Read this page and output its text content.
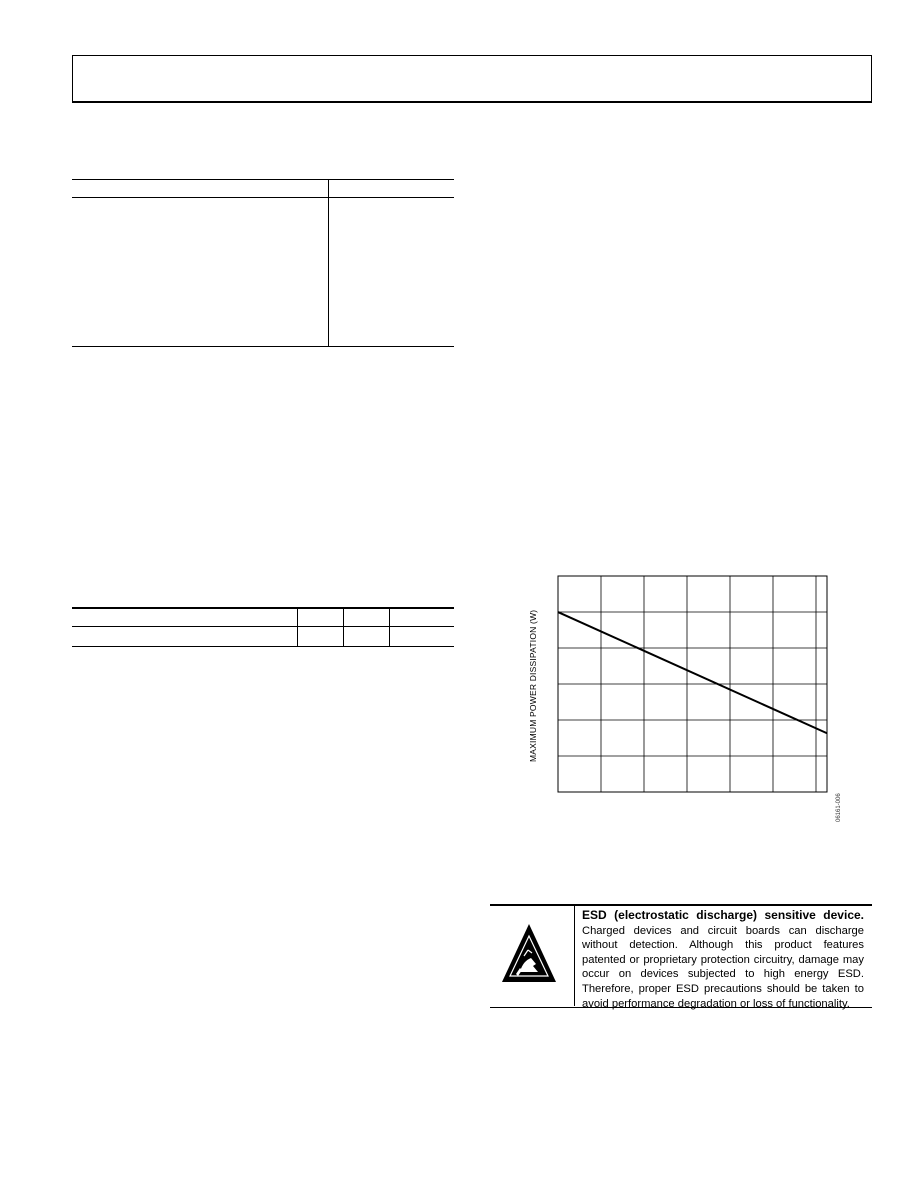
MAXIMUM POWER DISSIPATION (W)
06161-006
ESD (electrostatic discharge) sensitive device. Charged devices and circuit boards can discharge without detection. Although this product features patented or proprietary protection circuitry, damage may occur on devices subjected to high energy ESD. Therefore, proper ESD precautions should be taken to avoid performance degradation or loss of functionality.
